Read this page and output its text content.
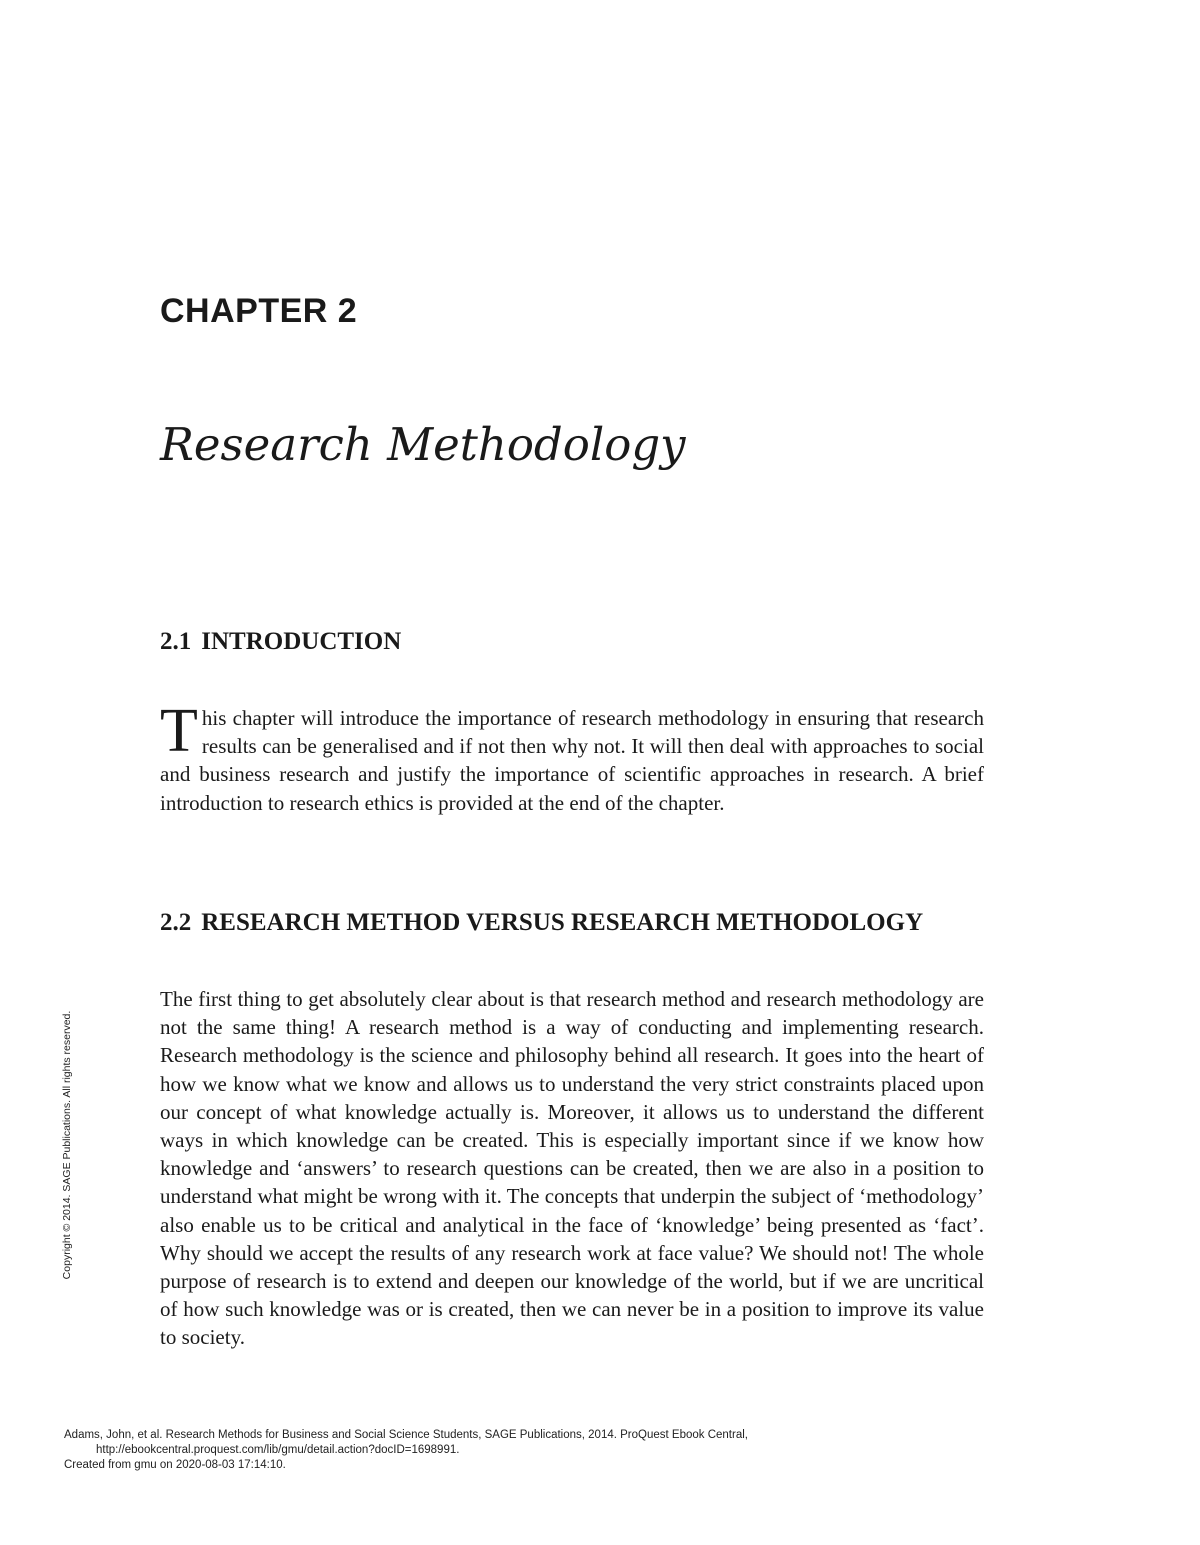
CHAPTER 2
Research Methodology
2.1 INTRODUCTION

This chapter will introduce the importance of research methodology in ensuring that research results can be generalised and if not then why not. It will then deal with approaches to social and business research and justify the importance of scientific approaches in research. A brief introduction to research ethics is provided at the end of the chapter.

2.2 RESEARCH METHOD VERSUS RESEARCH METHODOLOGY

The first thing to get absolutely clear about is that research method and research methodology are not the same thing! A research method is a way of conducting and implementing research. Research methodology is the science and philosophy behind all research. It goes into the heart of how we know what we know and allows us to understand the very strict constraints placed upon our concept of what knowledge actually is. Moreover, it allows us to understand the different ways in which knowledge can be created. This is especially important since if we know how knowledge and ‘answers’ to research questions can be created, then we are also in a position to understand what might be wrong with it. The concepts that underpin the subject of ‘methodology’ also enable us to be critical and analytical in the face of ‘knowledge’ being presented as ‘fact’. Why should we accept the results of any research work at face value? We should not! The whole purpose of research is to extend and deepen our knowledge of the world, but if we are uncritical of how such knowledge was or is created, then we can never be in a position to improve its value to society.

Copyright © 2014. SAGE Publications. All rights reserved.
Adams, John, et al. Research Methods for Business and Social Science Students, SAGE Publications, 2014. ProQuest Ebook Central,
http://ebookcentral.proquest.com/lib/gmu/detail.action?docID=1698991.
Created from gmu on 2020-08-03 17:14:10.
